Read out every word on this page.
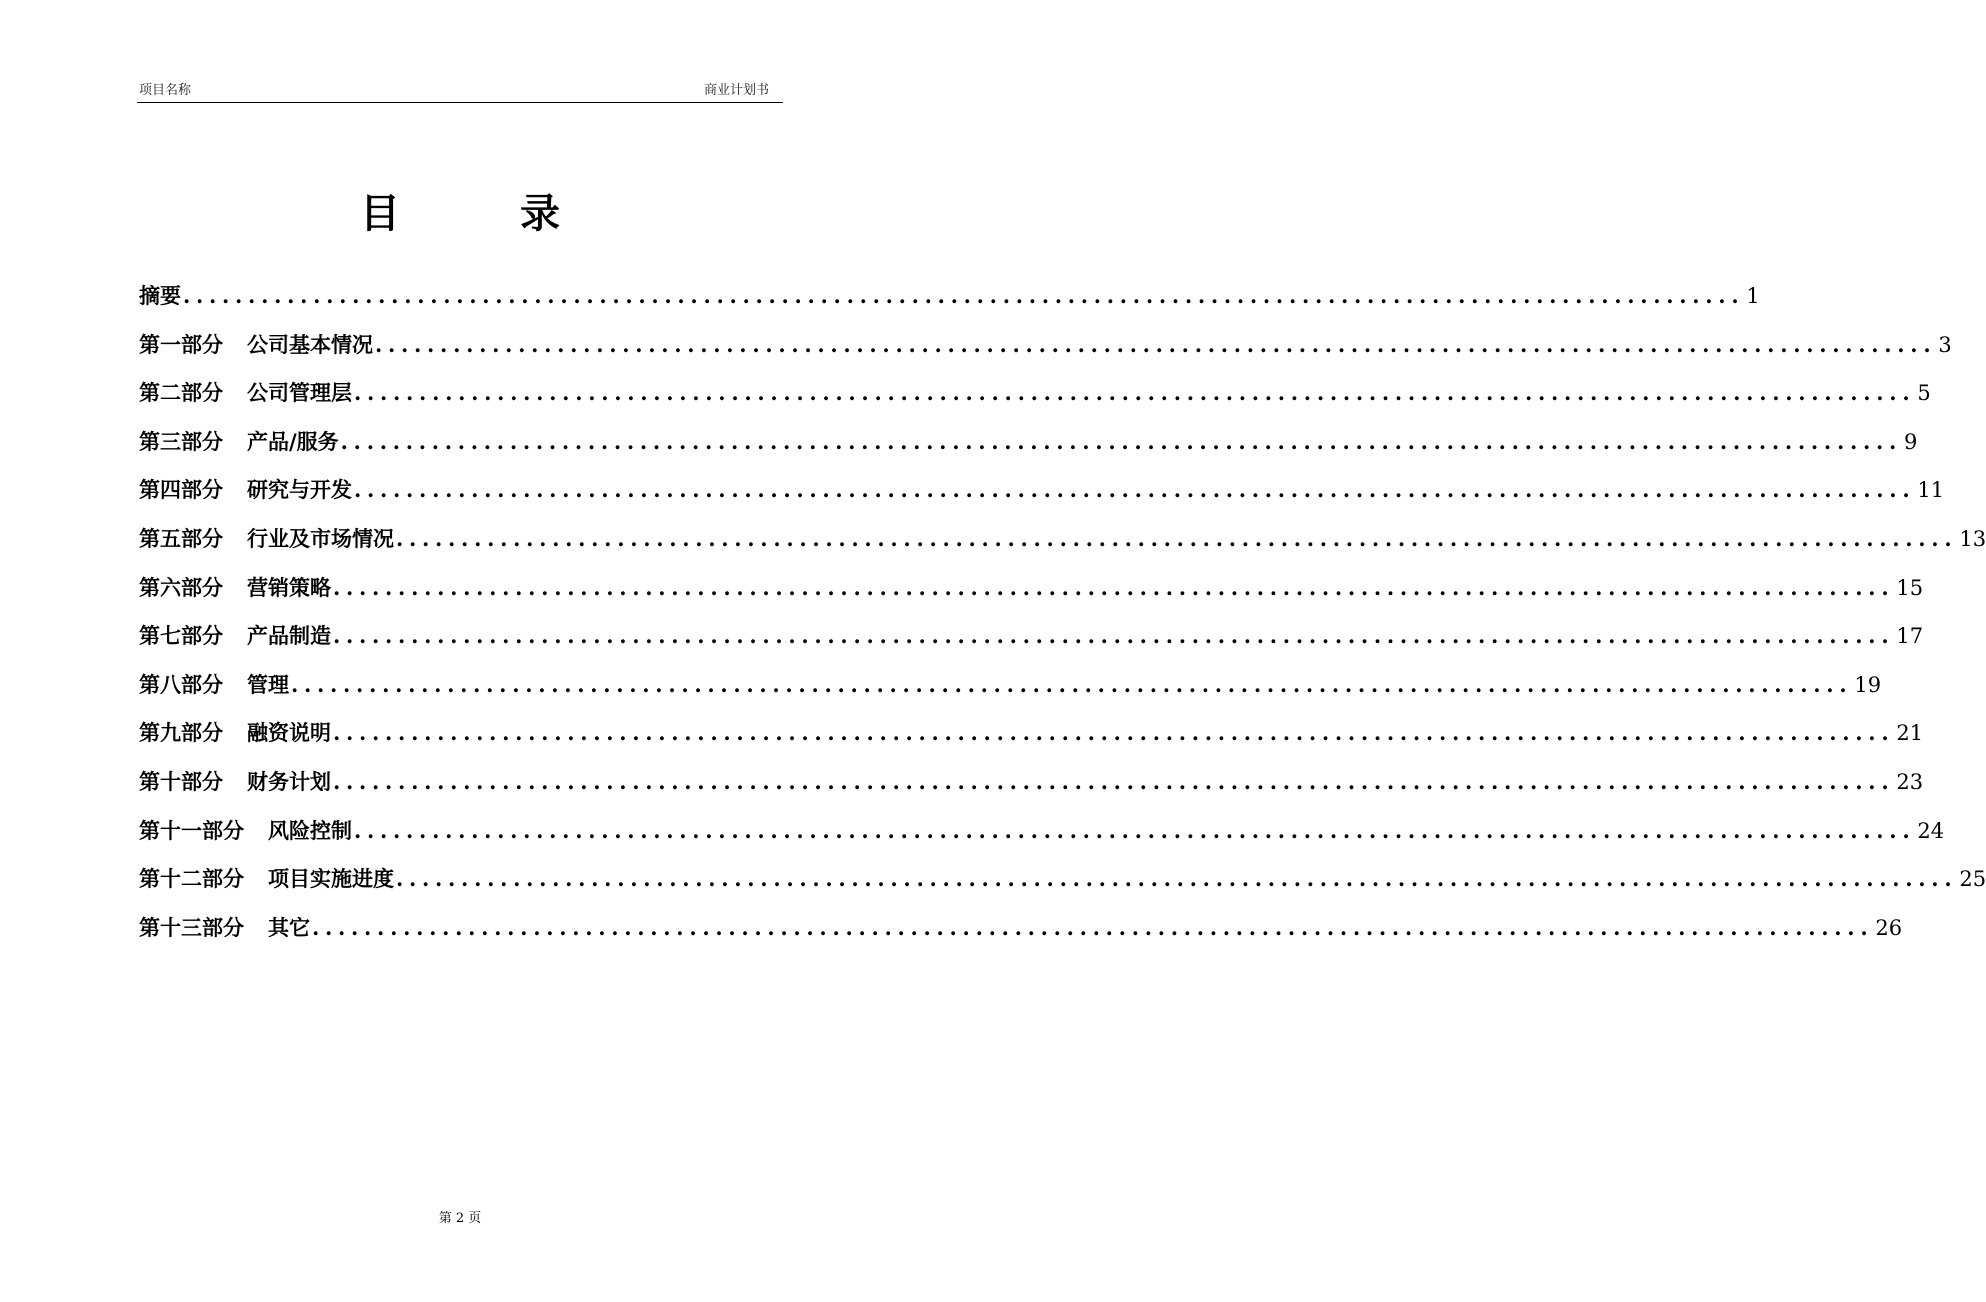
项目名称	商业计划书
目	录
摘要 ........................................................................................................................ 1
第一部分 公司基本情况 ........................................................................................................................ 3
第二部分 公司管理层 ........................................................................................................................ 5
第三部分 产品/服务 ........................................................................................................................ 9
第四部分 研究与开发 ........................................................................................................................ 11
第五部分 行业及市场情况 ........................................................................................................................ 13
第六部分 营销策略 ........................................................................................................................ 15
第七部分 产品制造 ........................................................................................................................ 17
第八部分 管理 ........................................................................................................................ 19
第九部分 融资说明 ........................................................................................................................ 21
第十部分 财务计划 ........................................................................................................................ 23
第十一部分 风险控制 ........................................................................................................................ 24
第十二部分 项目实施进度 ........................................................................................................................ 25
第十三部分 其它 ........................................................................................................................ 26
第 2 页
